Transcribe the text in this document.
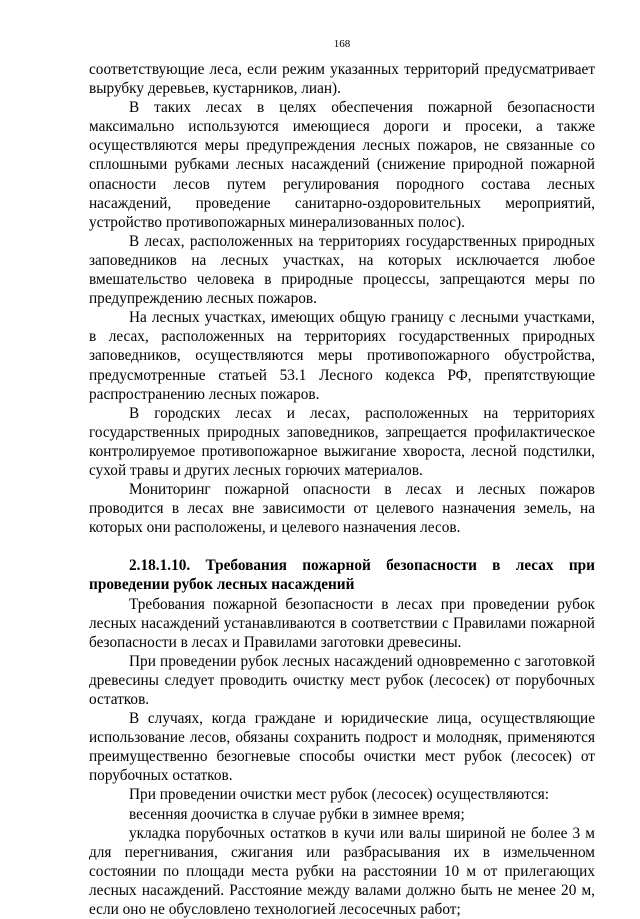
168

соответствующие леса, если режим указанных территорий предусматривает вырубку деревьев, кустарников, лиан).

В таких лесах в целях обеспечения пожарной безопасности максимально используются имеющиеся дороги и просеки, а также осуществляются меры предупреждения лесных пожаров, не связанные со сплошными рубками лесных насаждений (снижение природной пожарной опасности лесов путем регулирования породного состава лесных насаждений, проведение санитарно-оздоровительных мероприятий, устройство противопожарных минерализованных полос).

В лесах, расположенных на территориях государственных природных заповедников на лесных участках, на которых исключается любое вмешательство человека в природные процессы, запрещаются меры по предупреждению лесных пожаров.

На лесных участках, имеющих общую границу с лесными участками, в лесах, расположенных на территориях государственных природных заповедников, осуществляются меры противопожарного обустройства, предусмотренные статьей 53.1 Лесного кодекса РФ, препятствующие распространению лесных пожаров.

В городских лесах и лесах, расположенных на территориях государственных природных заповедников, запрещается профилактическое контролируемое противопожарное выжигание хвороста, лесной подстилки, сухой травы и других лесных горючих материалов.

Мониторинг пожарной опасности в лесах и лесных пожаров проводится в лесах вне зависимости от целевого назначения земель, на которых они расположены, и целевого назначения лесов.

2.18.1.10. Требования пожарной безопасности в лесах при проведении рубок лесных насаждений

Требования пожарной безопасности в лесах при проведении рубок лесных насаждений устанавливаются в соответствии с Правилами пожарной безопасности в лесах и Правилами заготовки древесины.

При проведении рубок лесных насаждений одновременно с заготовкой древесины следует проводить очистку мест рубок (лесосек) от порубочных остатков.

В случаях, когда граждане и юридические лица, осуществляющие использование лесов, обязаны сохранить подрост и молодняк, применяются преимущественно безогневые способы очистки мест рубок (лесосек) от порубочных остатков.

При проведении очистки мест рубок (лесосек) осуществляются:

весенняя доочистка в случае рубки в зимнее время;

укладка порубочных остатков в кучи или валы шириной не более 3 м для перегнивания, сжигания или разбрасывания их в измельченном состоянии по площади места рубки на расстоянии 10 м от прилегающих лесных насаждений. Расстояние между валами должно быть не менее 20 м, если оно не обусловлено технологией лесосечных работ;
